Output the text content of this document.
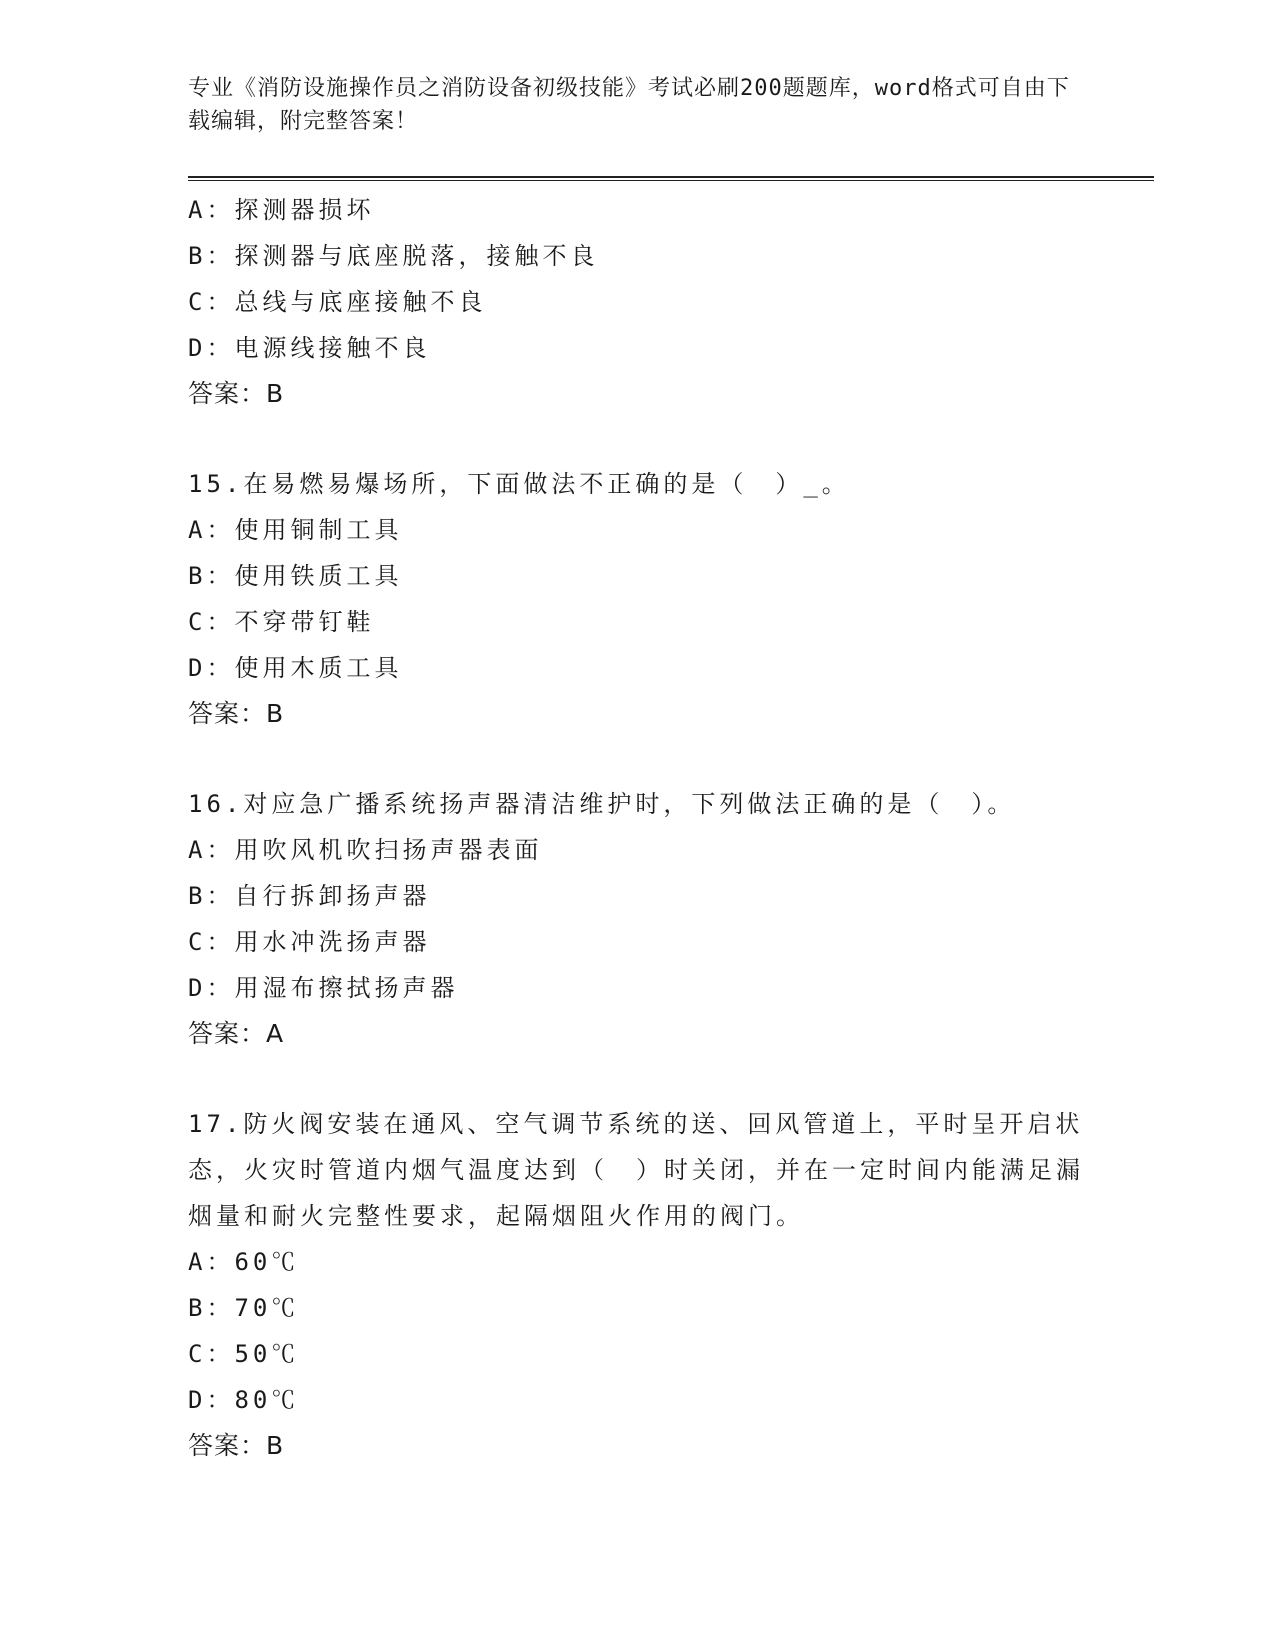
专业《消防设施操作员之消防设备初级技能》考试必刷200题题库，word格式可自由下载编辑，附完整答案！
A：探测器损坏
B：探测器与底座脱落，接触不良
C：总线与底座接触不良
D：电源线接触不良
答案：B
15.在易燃易爆场所，下面做法不正确的是（　）_。
A：使用铜制工具
B：使用铁质工具
C：不穿带钉鞋
D：使用木质工具
答案：B
16.对应急广播系统扬声器清洁维护时，下列做法正确的是（　）。
A：用吹风机吹扫扬声器表面
B：自行拆卸扬声器
C：用水冲洗扬声器
D：用湿布擦拭扬声器
答案：A
17.防火阀安装在通风、空气调节系统的送、回风管道上，平时呈开启状态，火灾时管道内烟气温度达到（　）时关闭，并在一定时间内能满足漏烟量和耐火完整性要求，起隔烟阻火作用的阀门。
A：60℃
B：70℃
C：50℃
D：80℃
答案：B
